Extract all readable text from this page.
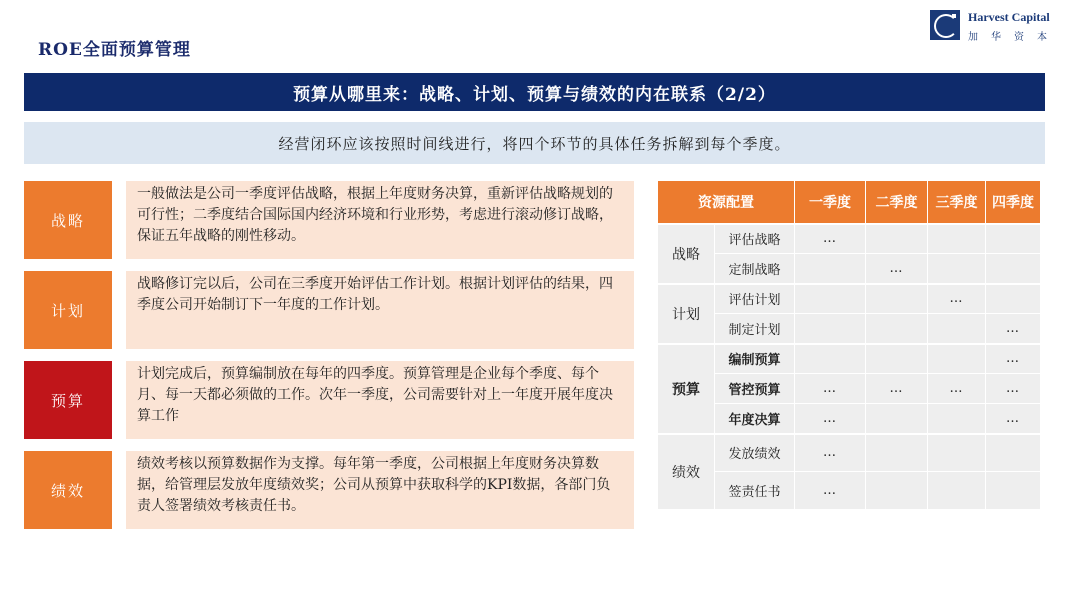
ROE全面预算管理
Harvest Capital
加华资本
预算从哪里来：战略、计划、预算与绩效的内在联系（2/2）
经营闭环应该按照时间线进行，将四个环节的具体任务拆解到每个季度。
战略
一般做法是公司一季度评估战略，根据上年度财务决算，重新评估战略规划的可行性；二季度结合国际国内经济环境和行业形势，考虑进行滚动修订战略，保证五年战略的刚性移动。
计划
战略修订完以后，公司在三季度开始评估工作计划。根据计划评估的结果，四季度公司开始制订下一年度的工作计划。
预算
计划完成后，预算编制放在每年的四季度。预算管理是企业每个季度、每个月、每一天都必须做的工作。次年一季度，公司需要针对上一年度开展年度决算工作
绩效
绩效考核以预算数据作为支撑。每年第一季度，公司根据上年度财务决算数据，给管理层发放年度绩效奖；公司从预算中获取科学的KPI数据，各部门负责人签署绩效考核责任书。
资源配置		一季度	二季度	三季度	四季度
战略	评估战略	…			
	定制战略		…		
计划	评估计划			…	
	制定计划				…
预算	编制预算				…
	管控预算	…	…	…	…
	年度决算	…			…
绩效	发放绩效	…			
	签责任书	…			
